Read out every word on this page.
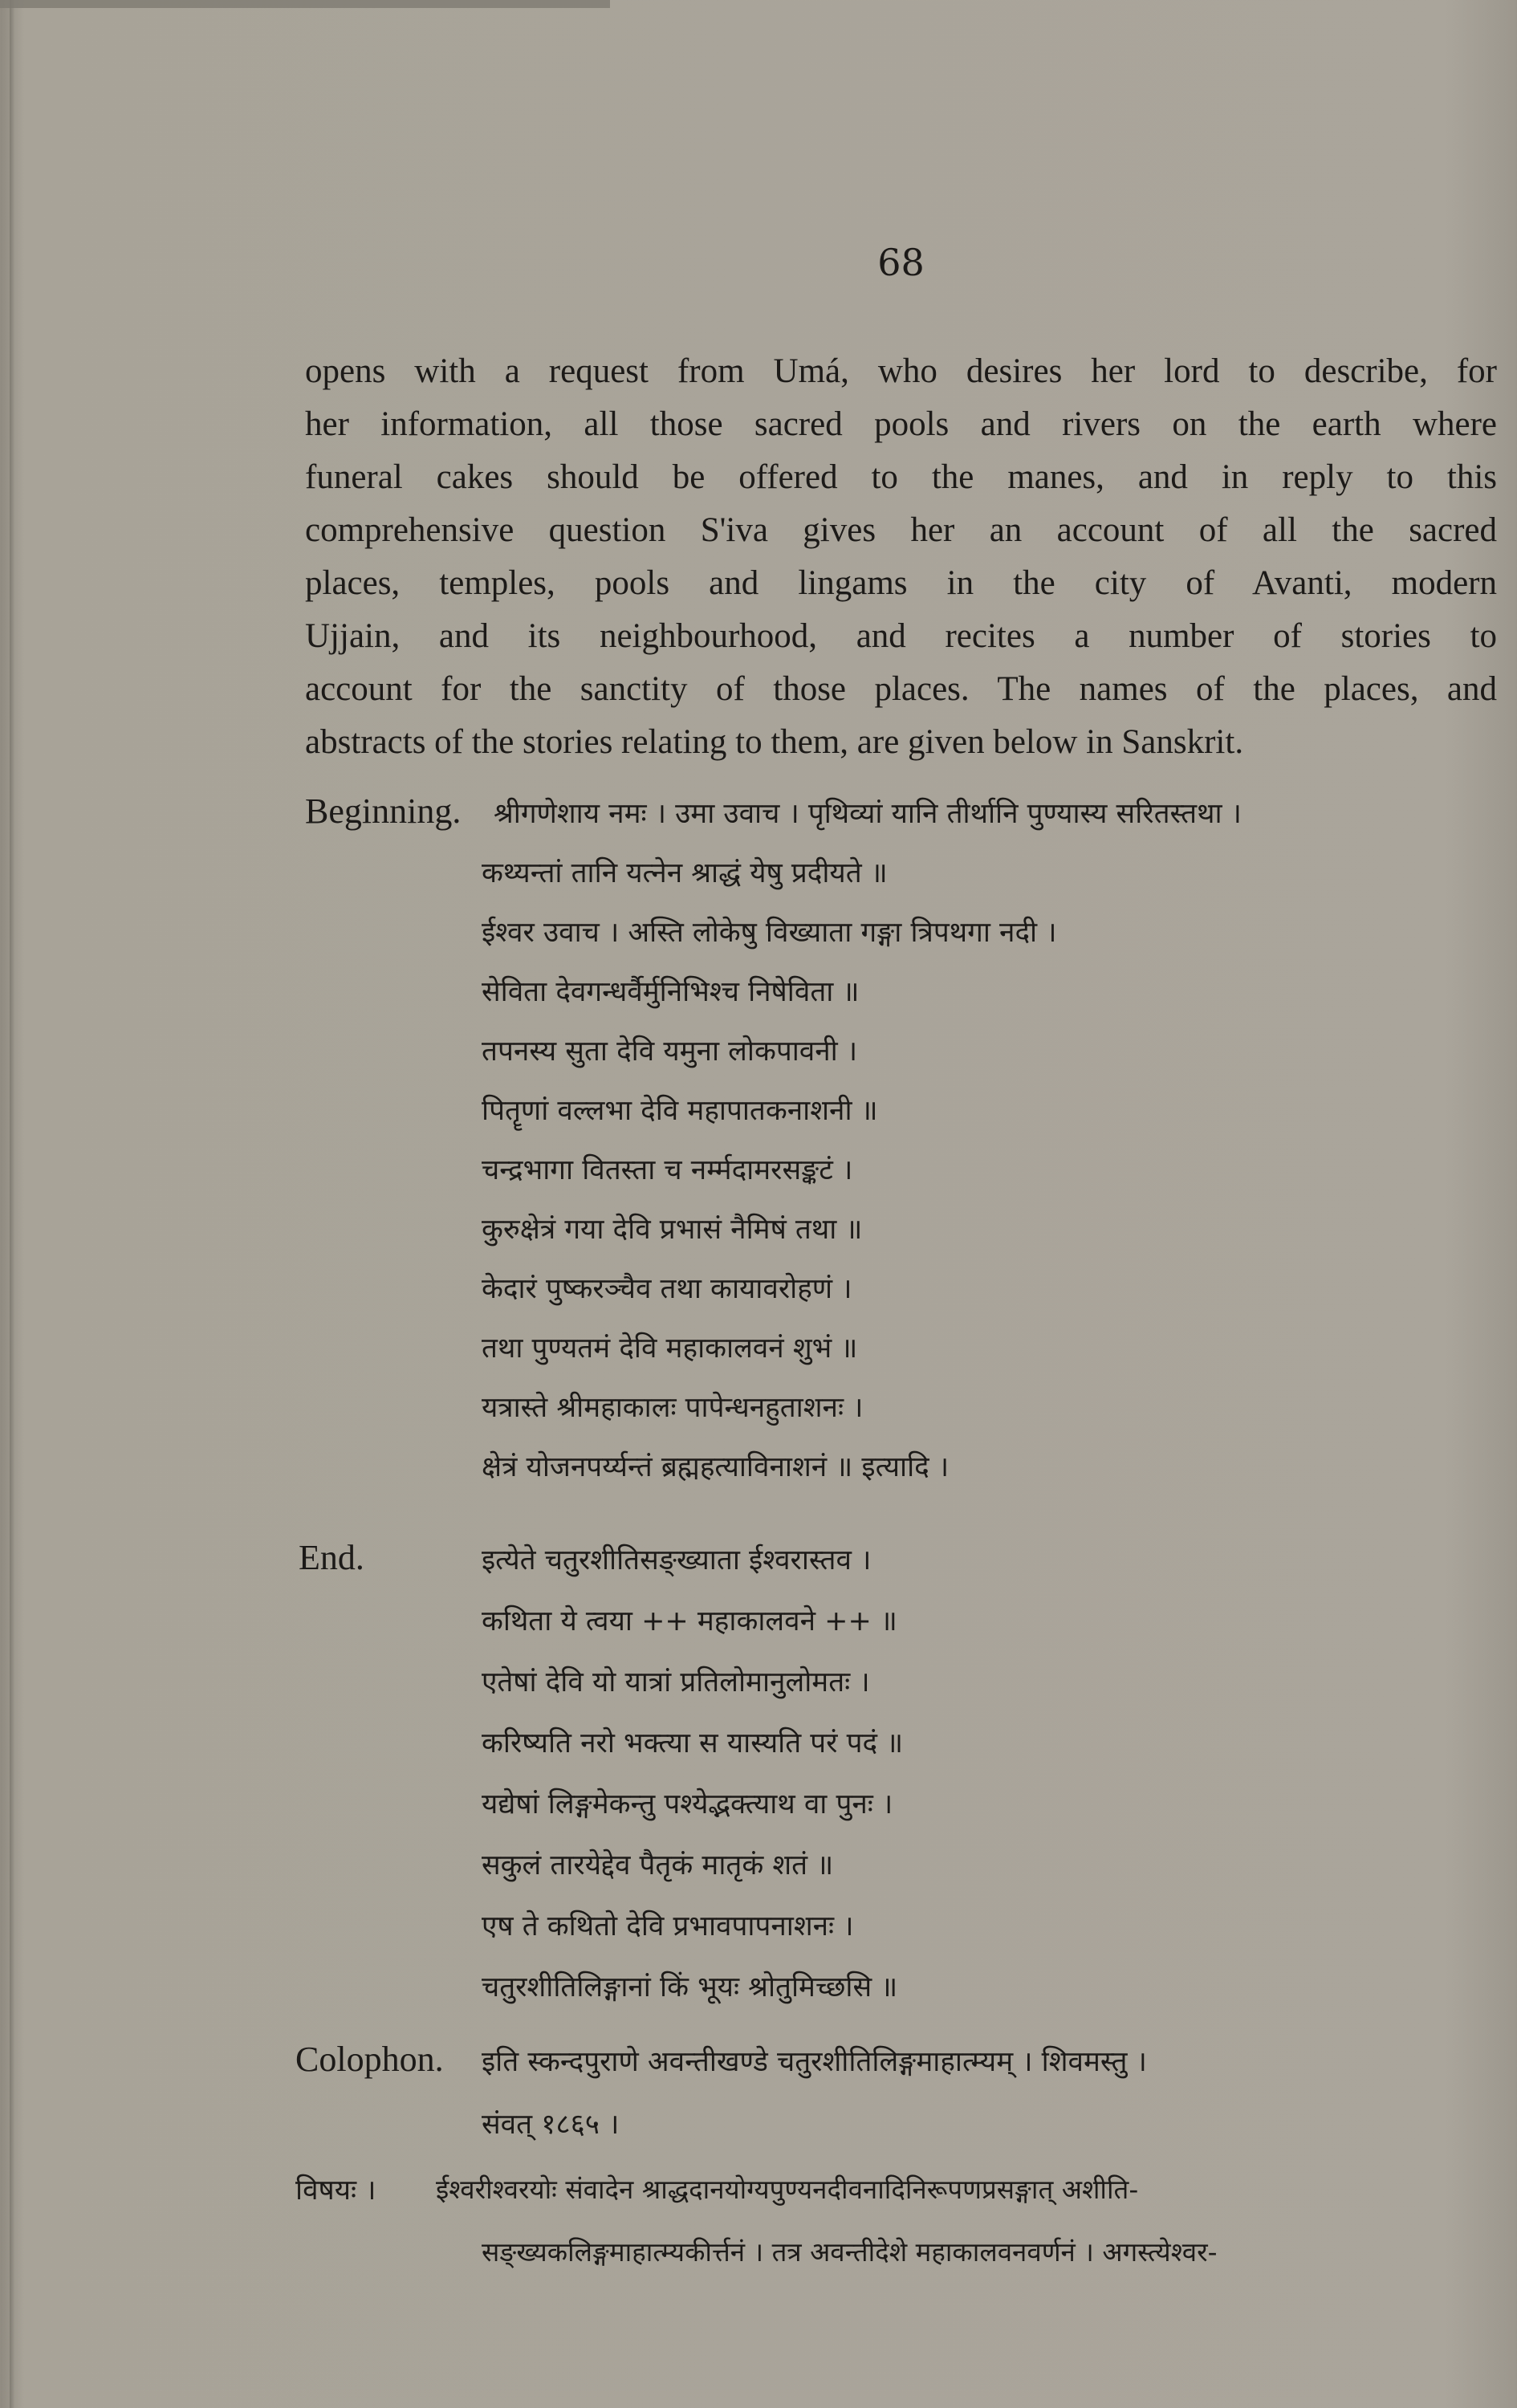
68
opens with a request from Umá, who desires her lord to describe, for
her information, all those sacred pools and rivers on the earth where
funeral cakes should be offered to the manes, and in reply to this
comprehensive question S'iva gives her an account of all the sacred
places, temples, pools and lingams in the city of Avanti, modern
Ujjain, and its neighbourhood, and recites a number of stories to
account for the sanctity of those places. The names of the places, and
abstracts of the stories relating to them, are given below in Sanskrit.
Beginning. श्रीगणेशाय नमः । उमा उवाच । पृथिव्यां यानि तीर्थानि पुण्यास्य सरितस्तथा ।
कथ्यन्तां तानि यत्नेन श्राद्धं येषु प्रदीयते ॥
ईश्वर उवाच । अस्ति लोकेषु विख्याता गङ्गा त्रिपथगा नदी ।
सेविता देवगन्धर्वैर्मुनिभिश्च निषेविता ॥
तपनस्य सुता देवि यमुना लोकपावनी ।
पितॄणां वल्लभा देवि महापातकनाशनी ॥
चन्द्रभागा वितस्ता च नर्म्मदामरसङ्कटं ।
कुरुक्षेत्रं गया देवि प्रभासं नैमिषं तथा ॥
केदारं पुष्करञ्चैव तथा कायावरोहणं ।
तथा पुण्यतमं देवि महाकालवनं शुभं ॥
यत्रास्ते श्रीमहाकालः पापेन्धनहुताशनः ।
क्षेत्रं योजनपर्य्यन्तं ब्रह्महत्याविनाशनं ॥ इत्यादि ।
End.	इत्येते चतुरशीतिसङ्ख्याता ईश्वरास्तव ।
कथिता ये त्वया ++ महाकालवने ++ ॥
एतेषां देवि यो यात्रां प्रतिलोमानुलोमतः ।
करिष्यति नरो भक्त्या स यास्यति परं पदं ॥
यद्येषां लिङ्गमेकन्तु पश्येद्भक्त्याथ वा पुनः ।
सकुलं तारयेद्देव पैतृकं मातृकं शतं ॥
एष ते कथितो देवि प्रभावपापनाशनः ।
चतुरशीतिलिङ्गानां किं भूयः श्रोतुमिच्छसि ॥
Colophon. इति स्कन्दपुराणे अवन्तीखण्डे चतुरशीतिलिङ्गमाहात्म्यम् । शिवमस्तु ।
संवत् १८६५ ।
विषयः । ईश्वरीश्वरयोः संवादेन श्राद्धदानयोग्यपुण्यनदीवनादिनिरूपणप्रसङ्गात् अशीति-
सङ्ख्यकलिङ्गमाहात्म्यकीर्त्तनं । तत्र अवन्तीदेशे महाकालवनवर्णनं । अगस्त्येश्वर-
